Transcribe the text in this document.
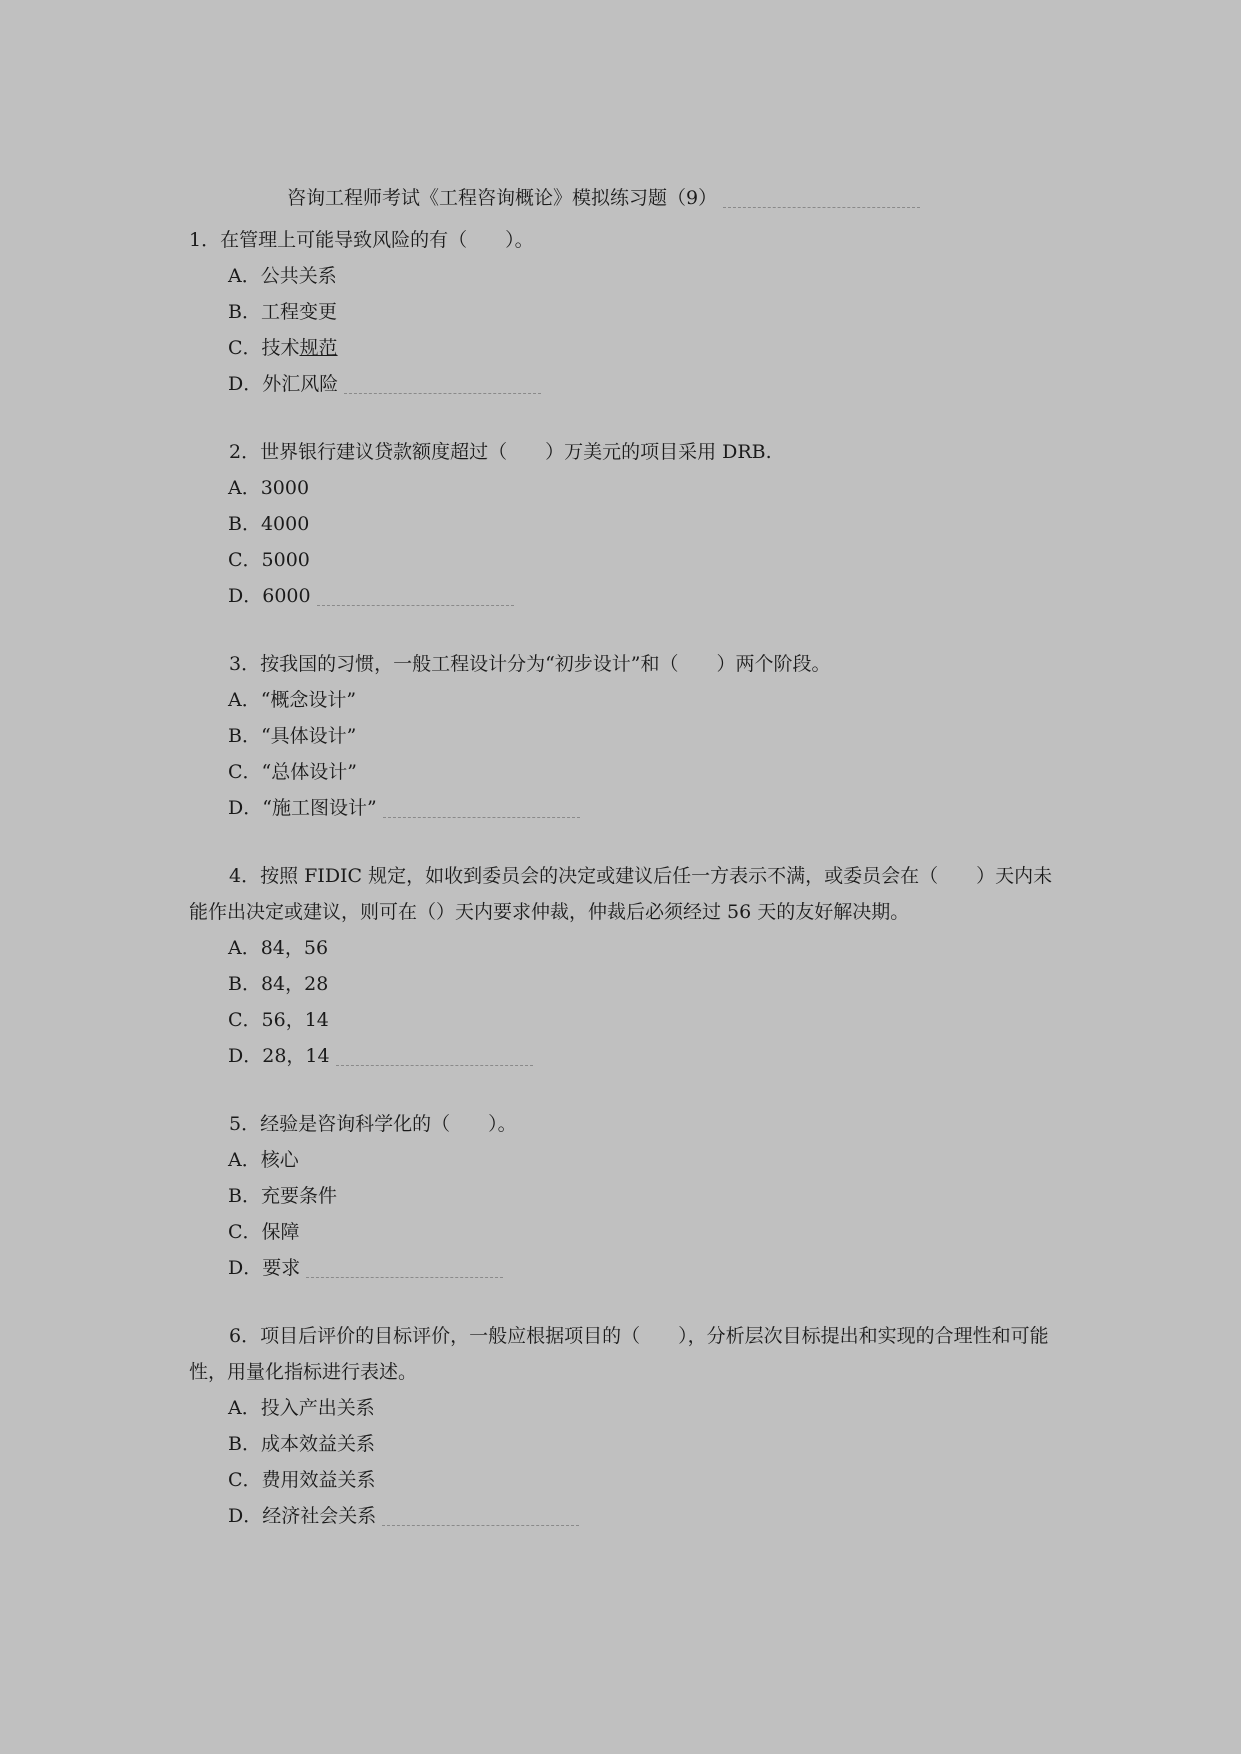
咨询工程师考试《工程咨询概论》模拟练习题（9）

1．在管理上可能导致风险的有（　　）。

A．公共关系
B．工程变更
C．技术规范
D．外汇风险

2．世界银行建议贷款额度超过（　　）万美元的项目采用 DRB.

A．3000
B．4000
C．5000
D．6000

3．按我国的习惯，一般工程设计分为“初步设计”和（　　）两个阶段。

A．“概念设计”
B．“具体设计”
C．“总体设计”
D．“施工图设计”

4．按照 FIDIC 规定，如收到委员会的决定或建议后任一方表示不满，或委员会在（　　）天内未能作出决定或建议，则可在（）天内要求仲裁，仲裁后必须经过 56 天的友好解决期。

A．84，56
B．84，28
C．56，14
D．28，14

5．经验是咨询科学化的（　　）。

A．核心
B．充要条件
C．保障
D．要求

6．项目后评价的目标评价，一般应根据项目的（　　），分析层次目标提出和实现的合理性和可能性，用量化指标进行表述。

A．投入产出关系
B．成本效益关系
C．费用效益关系
D．经济社会关系
